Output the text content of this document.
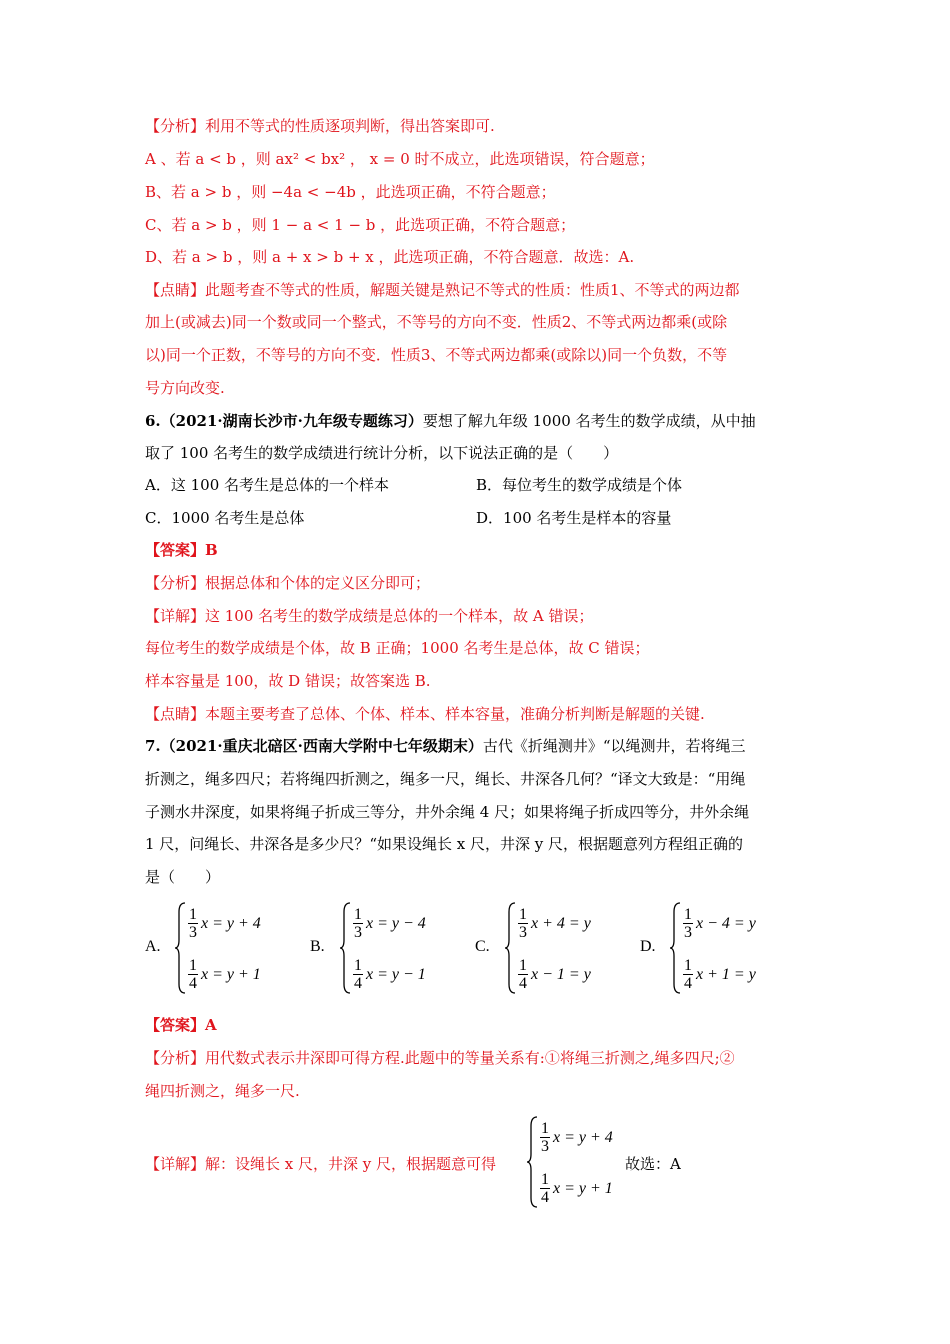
【分析】利用不等式的性质逐项判断，得出答案即可.
A 、若 a < b ，则 ax² < bx² ， x = 0 时不成立，此选项错误，符合题意；
B、若 a > b ，则 −4a < −4b ，此选项正确，不符合题意；
C、若 a > b ，则 1 − a < 1 − b ，此选项正确，不符合题意；
D、若 a > b ，则 a + x > b + x ，此选项正确，不符合题意．故选：A.
【点睛】此题考查不等式的性质，解题关键是熟记不等式的性质：性质1、不等式的两边都
加上(或减去)同一个数或同一个整式，不等号的方向不变．性质2、不等式两边都乘(或除
以)同一个正数，不等号的方向不变．性质3、不等式两边都乘(或除以)同一个负数，不等
号方向改变.
6.（2021·湖南长沙市·九年级专题练习）要想了解九年级 1000 名考生的数学成绩，从中抽
取了 100 名考生的数学成绩进行统计分析，以下说法正确的是（　　）
A．这 100 名考生是总体的一个样本	B．每位考生的数学成绩是个体
C．1000 名考生是总体	D．100 名考生是样本的容量
【答案】B
【分析】根据总体和个体的定义区分即可；
【详解】这 100 名考生的数学成绩是总体的一个样本，故 A 错误；
每位考生的数学成绩是个体，故 B 正确；1000 名考生是总体，故 C 错误；
样本容量是 100，故 D 错误；故答案选 B.
【点睛】本题主要考查了总体、个体、样本、样本容量，准确分析判断是解题的关键.
7.（2021·重庆北碚区·西南大学附中七年级期末）古代《折绳测井》“以绳测井，若将绳三
折测之，绳多四尺；若将绳四折测之，绳多一尺，绳长、井深各几何？“译文大致是：“用绳
子测水井深度，如果将绳子折成三等分，井外余绳 4 尺；如果将绳子折成四等分，井外余绳
1 尺，问绳长、井深各是多少尺？“如果设绳长 x 尺，井深 y 尺，根据题意列方程组正确的
是（　　）
A.
1
3
x = y + 4
1
4
x = y + 1
B.
1
3
x = y − 4
1
4
x = y − 1
C.
1
3
x + 4 = y
1
4
x − 1 = y
D.
1
3
x − 4 = y
1
4
x + 1 = y
【答案】A
【分析】用代数式表示井深即可得方程.此题中的等量关系有:①将绳三折测之,绳多四尺;②
绳四折测之，绳多一尺.
【详解】解：设绳长 x 尺，井深 y 尺，根据题意可得
1
3
x = y + 4
1
4
x = y + 1
故选：A
